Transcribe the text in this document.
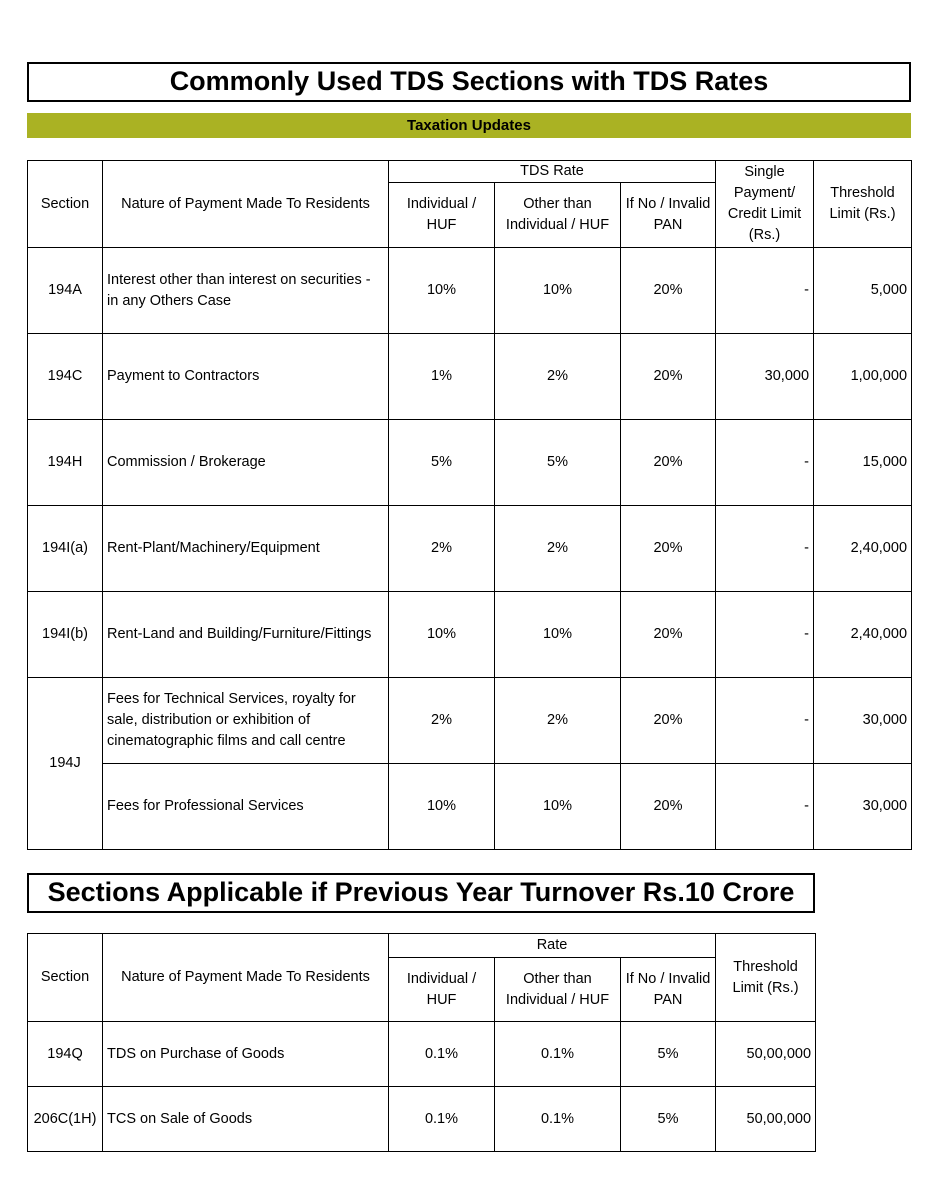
Commonly Used TDS Sections with TDS Rates
Taxation Updates
Section	Nature of Payment Made To Residents	TDS Rate			Single Payment/ Credit Limit (Rs.)	Threshold Limit (Rs.)
		Individual / HUF	Other than Individual / HUF	If No / Invalid PAN		
194A	Interest other than interest on securities - in any Others Case	10%	10%	20%	-	5,000
194C	Payment to Contractors	1%	2%	20%	30,000	1,00,000
194H	Commission / Brokerage	5%	5%	20%	-	15,000
194I(a)	Rent-Plant/Machinery/Equipment	2%	2%	20%	-	2,40,000
194I(b)	Rent-Land and Building/Furniture/Fittings	10%	10%	20%	-	2,40,000
194J	Fees for Technical Services, royalty for sale, distribution or exhibition of cinematographic films and call centre	2%	2%	20%	-	30,000
	Fees for Professional Services	10%	10%	20%	-	30,000
Sections Applicable if Previous Year Turnover Rs.10 Crore
Section	Nature of Payment Made To Residents	Rate			Threshold Limit (Rs.)
		Individual / HUF	Other than Individual / HUF	If No / Invalid PAN	
194Q	TDS on Purchase of Goods	0.1%	0.1%	5%	50,00,000
206C(1H)	TCS on Sale of Goods	0.1%	0.1%	5%	50,00,000
